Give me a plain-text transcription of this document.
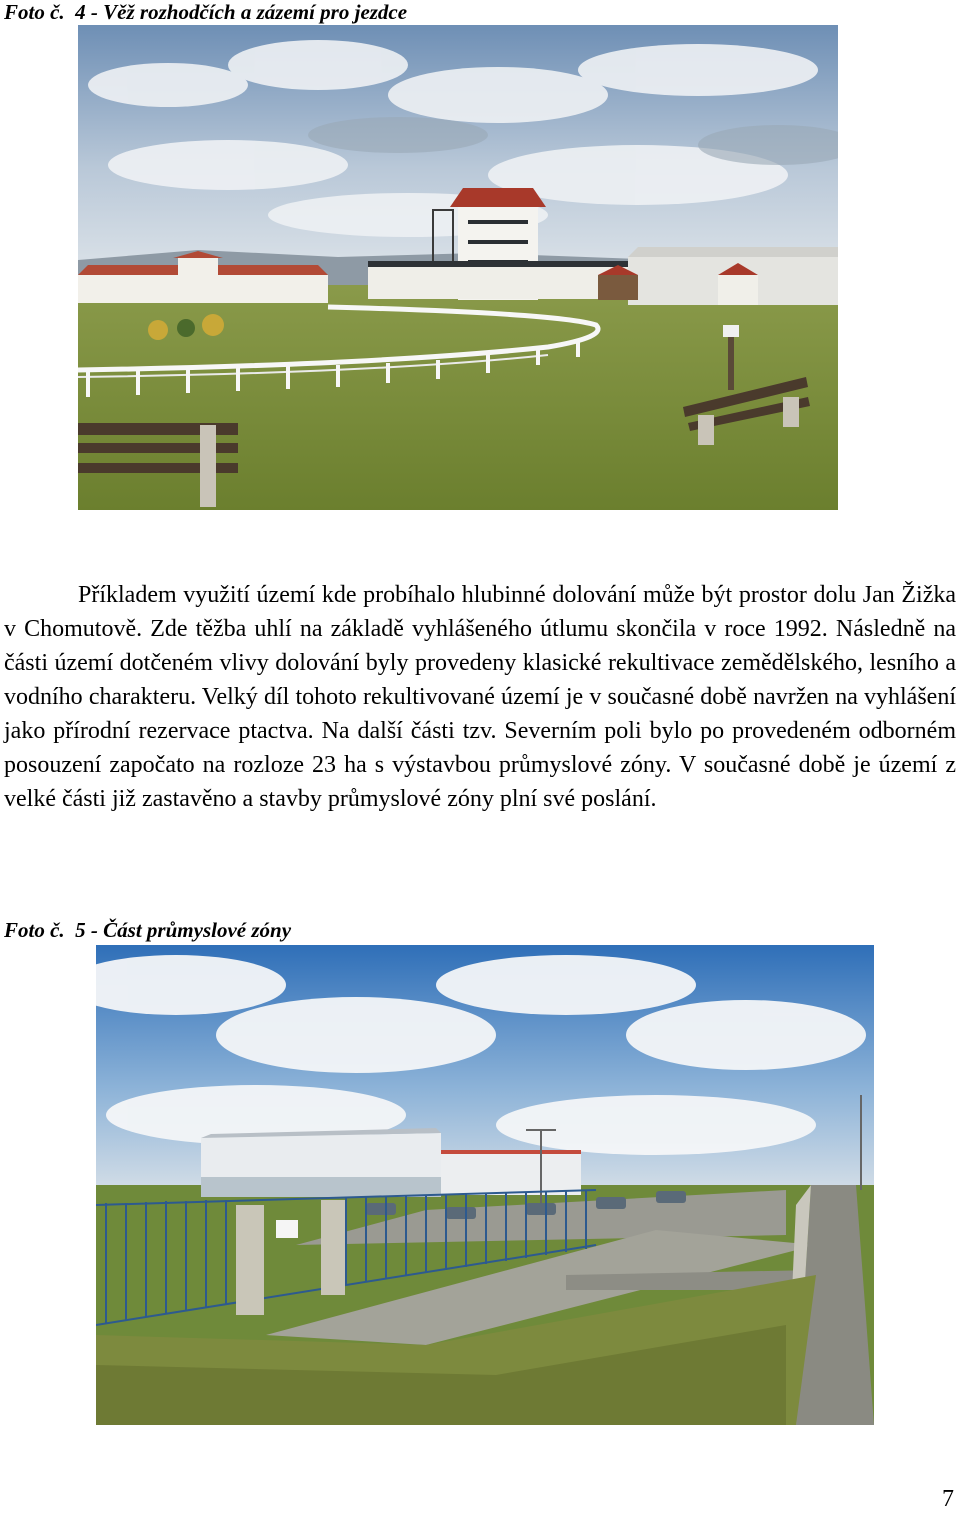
Foto č. 4 - Věž rozhodčích a zázemí pro jezdce
Příkladem využití území kde probíhalo hlubinné dolování může být prostor dolu Jan Žižka v Chomutově. Zde těžba uhlí na základě vyhlášeného útlumu skončila v roce 1992. Následně na části území dotčeném vlivy dolování byly provedeny klasické rekultivace zemědělského, lesního a vodního charakteru. Velký díl tohoto rekultivované území je v současné době navržen na vyhlášení jako přírodní rezervace ptactva. Na další části tzv. Severním poli bylo po provedeném odborném posouzení započato na rozloze 23 ha s výstavbou průmyslové zóny. V současné době je území z velké části již zastavěno a stavby průmyslové zóny plní své poslání.
Foto č. 5 - Část průmyslové zóny
7
